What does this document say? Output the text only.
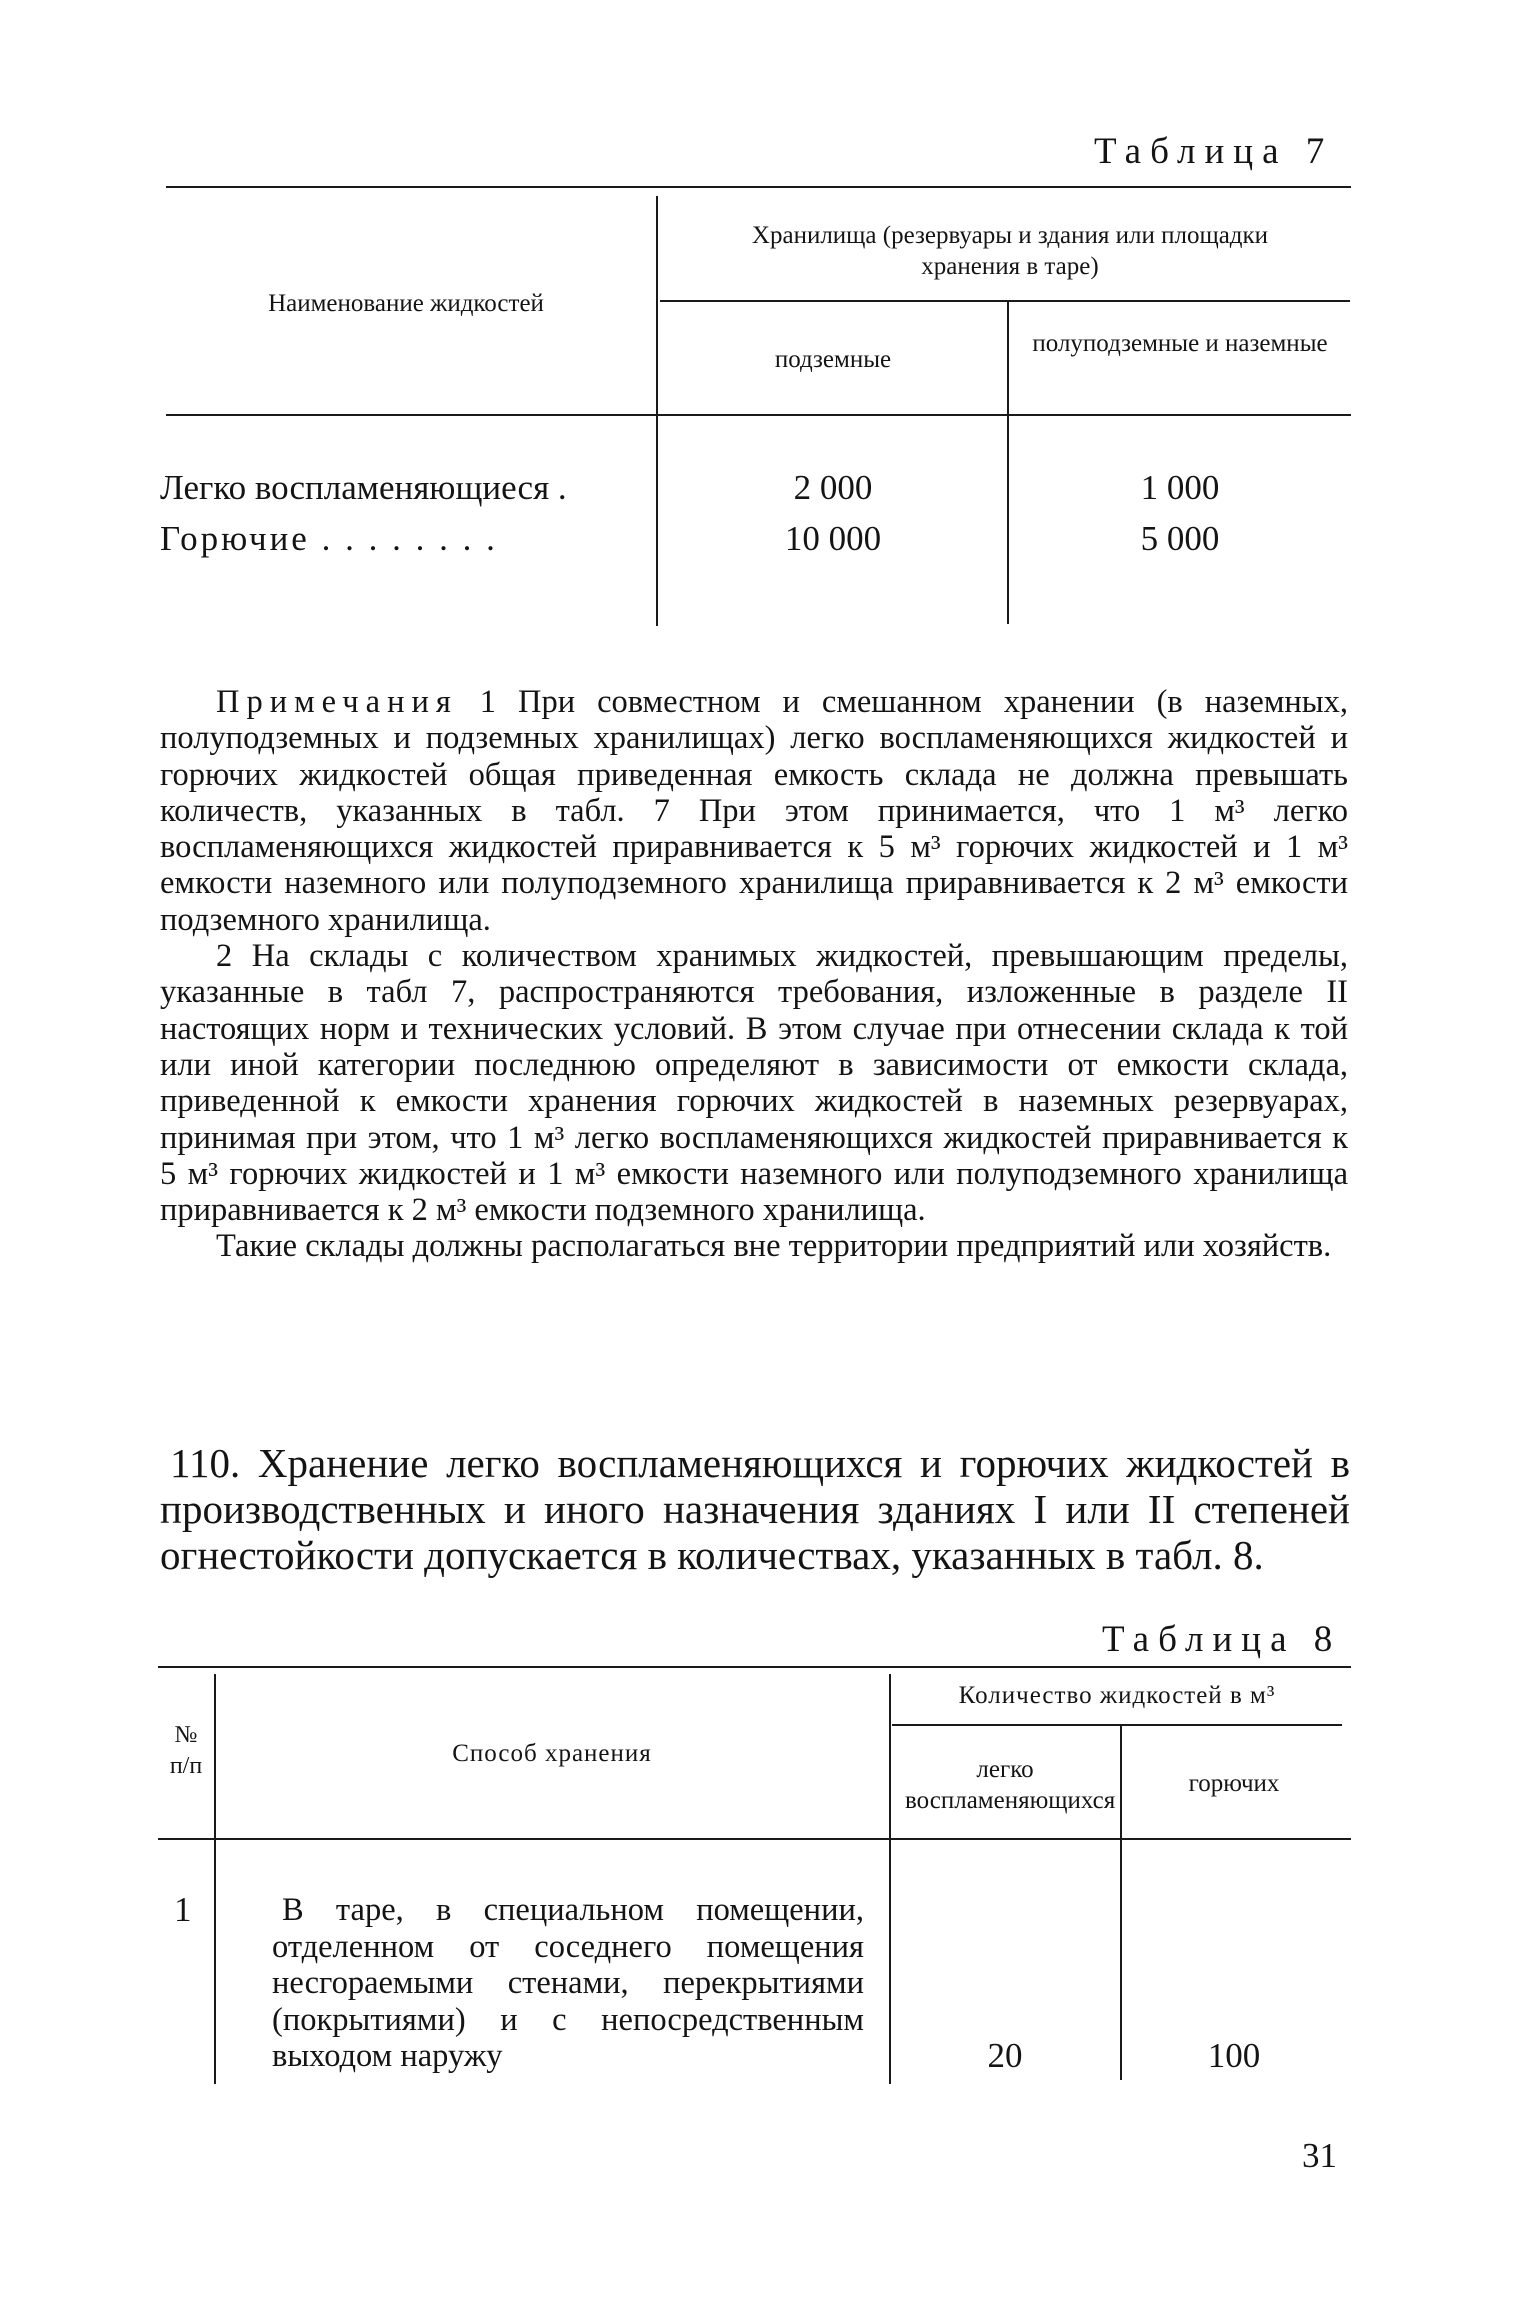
Таблица 7
Хранилища (резервуары и здания или площадки хранения в таре)
Наименование жидкостей
подземные
полуподземные и наземные
Легко воспламеняющиеся .	2 000	1 000
Горючие . . . . . . . .	10 000	5 000

Примечания 1 При совместном и смешанном хранении (в наземных, полуподземных и подземных хранилищах) легко воспламеняющихся жидкостей и горючих жидкостей общая приведенная емкость склада не должна превышать количеств, указанных в табл. 7 При этом принимается, что 1 м³ легко воспламеняющихся жидкостей приравнивается к 5 м³ горючих жидкостей и 1 м³ емкости наземного или полуподземного хранилища приравнивается к 2 м³ емкости подземного хранилища.

2 На склады с количеством хранимых жидкостей, превышающим пределы, указанные в табл 7, распространяются требования, изложенные в разделе II настоящих норм и технических условий. В этом случае при отнесении склада к той или иной категории последнюю определяют в зависимости от емкости склада, приведенной к емкости хранения горючих жидкостей в наземных резервуарах, принимая при этом, что 1 м³ легко воспламеняющихся жидкостей приравнивается к 5 м³ горючих жидкостей и 1 м³ емкости наземного или полуподземного хранилища приравнивается к 2 м³ емкости подземного хранилища.

Такие склады должны располагаться вне территории предприятий или хозяйств.

110. Хранение легко воспламеняющихся и горючих жидкостей в производственных и иного назначения зданиях I или II степеней огнестойкости допускается в количествах, указанных в табл. 8.

Таблица 8
№ п/п	Способ хранения
Количество жидкостей в м³
легко воспламеняющихся
горючих
1	В таре, в специальном помещении, отделенном от соседнего помещения несгораемыми стенами, перекрытиями (покрытиями) и с непосредственным выходом наружу	20	100
31
